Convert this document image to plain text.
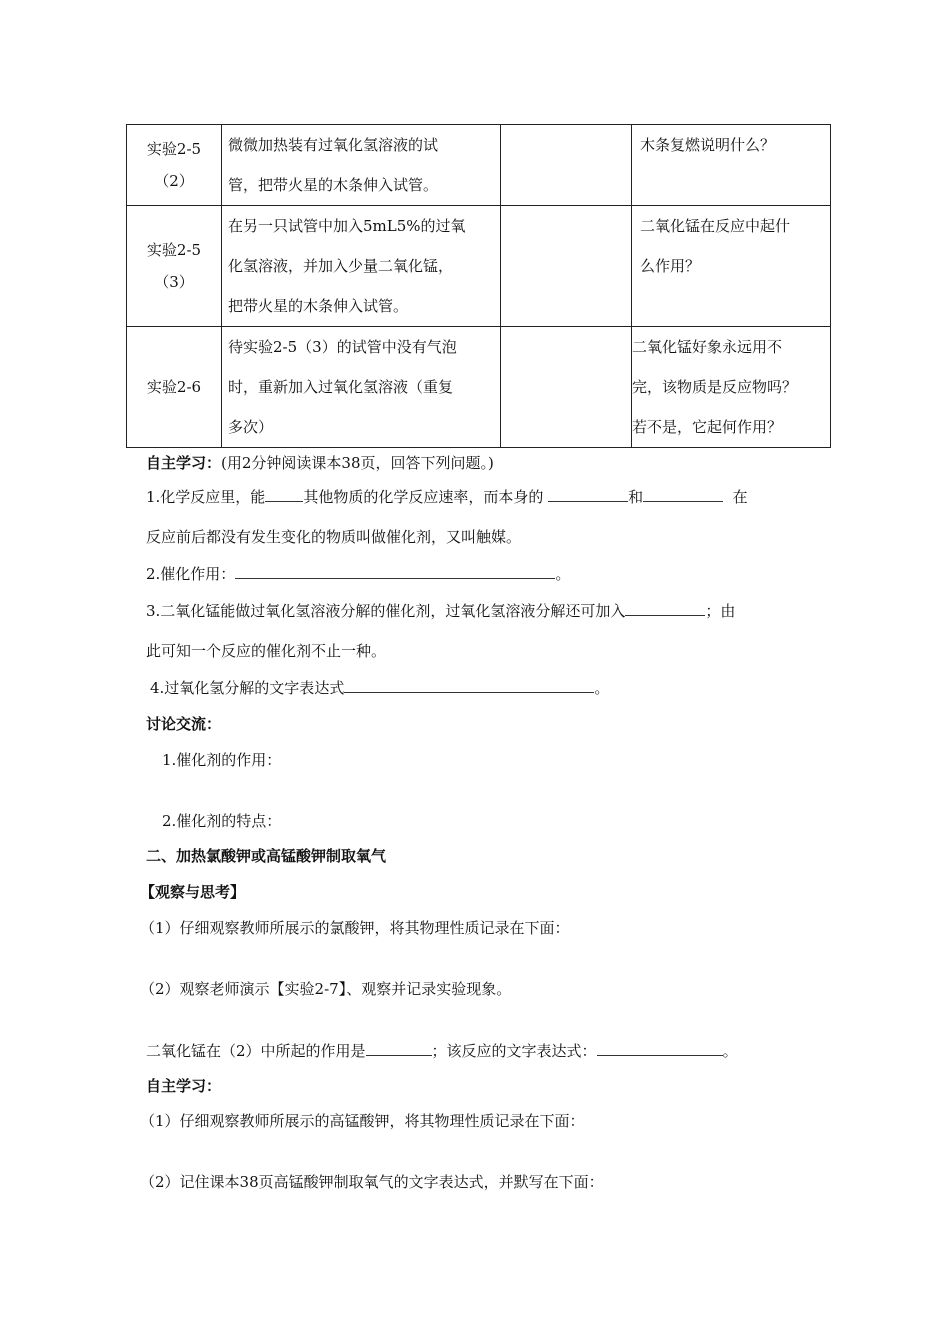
实验2-5
（2）	微微加热装有过氧化氢溶液的试
管，把带火星的木条伸入试管。		木条复燃说明什么？

实验2-5
（3）	在另一只试管中加入5mL5%的过氧
化氢溶液，并加入少量二氧化锰，
把带火星的木条伸入试管。		二氧化锰在反应中起什
么作用？

实验2-6	待实验2-5（3）的试管中没有气泡
时，重新加入过氧化氢溶液（重复
多次）		二氧化锰好象永远用不
完，该物质是反应物吗？
若不是，它起何作用？
自主学习：(用2分钟阅读课本38页，回答下列问题。)
1.化学反应里，能	其他物质的化学反应速率，而本身的	和	在
反应前后都没有发生变化的物质叫做催化剂，又叫触媒。
2.催化作用：	。
3.二氧化锰能做过氧化氢溶液分解的催化剂，过氧化氢溶液分解还可加入	；由
此可知一个反应的催化剂不止一种。
4.过氧化氢分解的文字表达式	。
讨论交流：
1.催化剂的作用：
2.催化剂的特点：
二、加热氯酸钾或高锰酸钾制取氧气
【观察与思考】
（1）仔细观察教师所展示的氯酸钾，将其物理性质记录在下面：
（2）观察老师演示【实验2-7】、观察并记录实验现象。
二氧化锰在（2）中所起的作用是	；该反应的文字表达式：	。
自主学习：
（1）仔细观察教师所展示的高锰酸钾，将其物理性质记录在下面：
（2）记住课本38页高锰酸钾制取氧气的文字表达式，并默写在下面：
